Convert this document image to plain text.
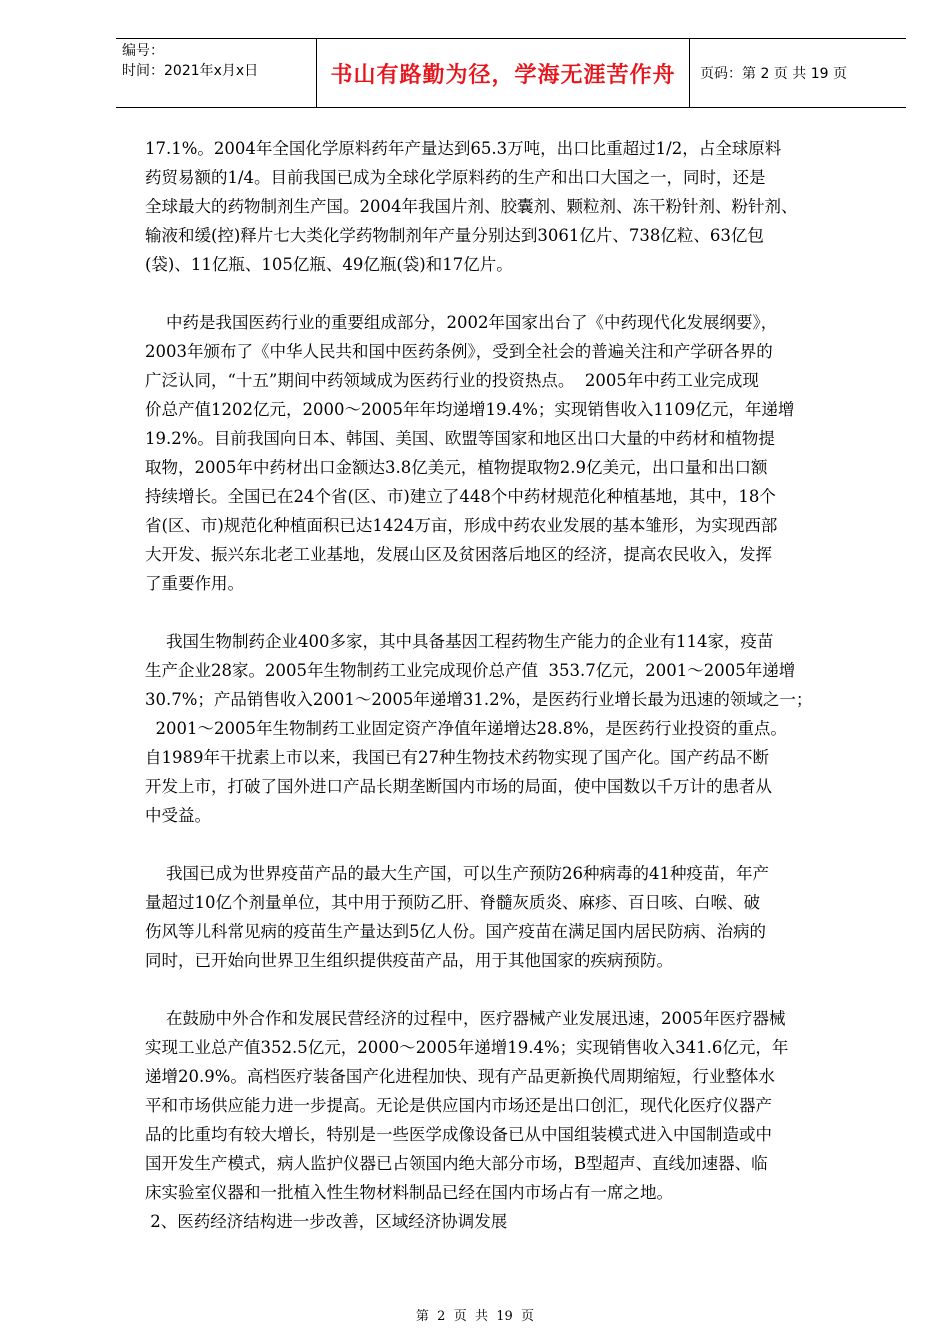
编号：
时间：2021年x月x日	书山有路勤为径，学海无涯苦作舟	页码：第 2 页 共 19 页

17.1%。2004年全国化学原料药年产量达到65.3万吨，出口比重超过1/2，占全球原料
药贸易额的1/4。目前我国已成为全球化学原料药的生产和出口大国之一，同时，还是
全球最大的药物制剂生产国。2004年我国片剂、胶囊剂、颗粒剂、冻干粉针剂、粉针剂、
输液和缓(控)释片七大类化学药物制剂年产量分别达到3061亿片、738亿粒、63亿包
(袋)、11亿瓶、105亿瓶、49亿瓶(袋)和17亿片。

中药是我国医药行业的重要组成部分，2002年国家出台了《中药现代化发展纲要》，
2003年颁布了《中华人民共和国中医药条例》，受到全社会的普遍关注和产学研各界的
广泛认同，“十五”期间中药领域成为医药行业的投资热点。  2005年中药工业完成现
价总产值1202亿元，2000～2005年年均递增19.4%；实现销售收入1109亿元，年递增
19.2%。目前我国向日本、韩国、美国、欧盟等国家和地区出口大量的中药材和植物提
取物，2005年中药材出口金额达3.8亿美元，植物提取物2.9亿美元，出口量和出口额
持续增长。全国已在24个省(区、市)建立了448个中药材规范化种植基地，其中，18个
省(区、市)规范化种植面积已达1424万亩，形成中药农业发展的基本雏形，为实现西部
大开发、振兴东北老工业基地，发展山区及贫困落后地区的经济，提高农民收入，发挥
了重要作用。

我国生物制药企业400多家，其中具备基因工程药物生产能力的企业有114家，疫苗
生产企业28家。2005年生物制药工业完成现价总产值  353.7亿元，2001～2005年递增
30.7%；产品销售收入2001～2005年递增31.2%，是医药行业增长最为迅速的领域之一；
2001～2005年生物制药工业固定资产净值年递增达28.8%，是医药行业投资的重点。
自1989年干扰素上市以来，我国已有27种生物技术药物实现了国产化。国产药品不断
开发上市，打破了国外进口产品长期垄断国内市场的局面，使中国数以千万计的患者从
中受益。

我国已成为世界疫苗产品的最大生产国，可以生产预防26种病毒的41种疫苗，年产
量超过10亿个剂量单位，其中用于预防乙肝、脊髓灰质炎、麻疹、百日咳、白喉、破
伤风等儿科常见病的疫苗生产量达到5亿人份。国产疫苗在满足国内居民防病、治病的
同时，已开始向世界卫生组织提供疫苗产品，用于其他国家的疾病预防。

在鼓励中外合作和发展民营经济的过程中，医疗器械产业发展迅速，2005年医疗器械
实现工业总产值352.5亿元，2000～2005年递增19.4%；实现销售收入341.6亿元，年
递增20.9%。高档医疗装备国产化进程加快、现有产品更新换代周期缩短，行业整体水
平和市场供应能力进一步提高。无论是供应国内市场还是出口创汇，现代化医疗仪器产
品的比重均有较大增长，特别是一些医学成像设备已从中国组装模式进入中国制造或中
国开发生产模式，病人监护仪器已占领国内绝大部分市场，B型超声、直线加速器、临
床实验室仪器和一批植入性生物材料制品已经在国内市场占有一席之地。
2、医药经济结构进一步改善，区域经济协调发展

第  2  页  共  19  页
